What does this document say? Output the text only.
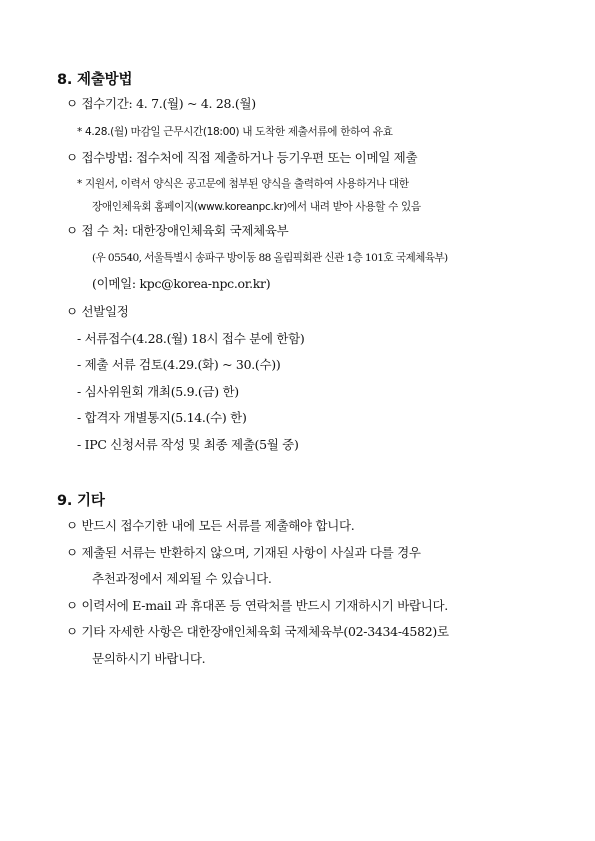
8. 제출방법
ㅇ 접수기간: 4. 7.(월) ~ 4. 28.(월)
* 4.28.(월) 마감일 근무시간(18:00) 내 도착한 제출서류에 한하여 유효
ㅇ 접수방법: 접수처에 직접 제출하거나 등기우편 또는 이메일 제출
* 지원서, 이력서 양식은 공고문에 첨부된 양식을 출력하여 사용하거나 대한
장애인체육회 홈페이지(www.koreanpc.kr)에서 내려 받아 사용할 수 있음
ㅇ 접 수 처: 대한장애인체육회 국제체육부
(우 05540, 서울특별시 송파구 방이동 88 올림픽회관 신관 1층 101호 국제체육부)
(이메일: kpc@korea-npc.or.kr)
ㅇ 선발일정
- 서류접수(4.28.(월) 18시 접수 분에 한함)
- 제출 서류 검토(4.29.(화) ~ 30.(수))
- 심사위원회 개최(5.9.(금) 한)
- 합격자 개별통지(5.14.(수) 한)
- IPC 신청서류 작성 및 최종 제출(5월 중)
9. 기타
ㅇ 반드시 접수기한 내에 모든 서류를 제출해야 합니다.
ㅇ 제출된 서류는 반환하지 않으며, 기재된 사항이 사실과 다를 경우
추천과정에서 제외될 수 있습니다.
ㅇ 이력서에 E-mail 과 휴대폰 등 연락처를 반드시 기재하시기 바랍니다.
ㅇ 기타 자세한 사항은 대한장애인체육회 국제체육부(02-3434-4582)로
문의하시기 바랍니다.
